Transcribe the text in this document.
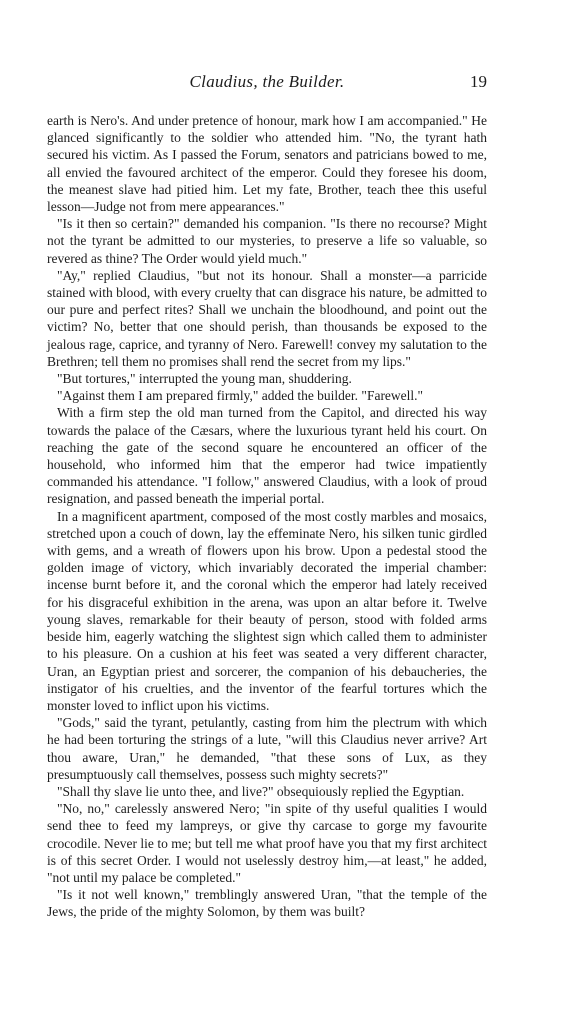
Claudius, the Builder.	19

earth is Nero's. And under pretence of honour, mark how I am accompanied." He glanced significantly to the soldier who attended him. "No, the tyrant hath secured his victim. As I passed the Forum, senators and patricians bowed to me, all envied the favoured architect of the emperor. Could they foresee his doom, the meanest slave had pitied him. Let my fate, Brother, teach thee this useful lesson—Judge not from mere appearances."

"Is it then so certain?" demanded his companion. "Is there no recourse? Might not the tyrant be admitted to our mysteries, to preserve a life so valuable, so revered as thine? The Order would yield much."

"Ay," replied Claudius, "but not its honour. Shall a monster—a parricide stained with blood, with every cruelty that can disgrace his nature, be admitted to our pure and perfect rites? Shall we unchain the bloodhound, and point out the victim? No, better that one should perish, than thousands be exposed to the jealous rage, caprice, and tyranny of Nero. Farewell! convey my salutation to the Brethren; tell them no promises shall rend the secret from my lips."

"But tortures," interrupted the young man, shuddering.

"Against them I am prepared firmly," added the builder. "Farewell."

With a firm step the old man turned from the Capitol, and directed his way towards the palace of the Cæsars, where the luxurious tyrant held his court. On reaching the gate of the second square he encountered an officer of the household, who informed him that the emperor had twice impatiently commanded his attendance. "I follow," answered Claudius, with a look of proud resignation, and passed beneath the imperial portal.

In a magnificent apartment, composed of the most costly marbles and mosaics, stretched upon a couch of down, lay the effeminate Nero, his silken tunic girdled with gems, and a wreath of flowers upon his brow. Upon a pedestal stood the golden image of victory, which invariably decorated the imperial chamber: incense burnt before it, and the coronal which the emperor had lately received for his disgraceful exhibition in the arena, was upon an altar before it. Twelve young slaves, remarkable for their beauty of person, stood with folded arms beside him, eagerly watching the slightest sign which called them to administer to his pleasure. On a cushion at his feet was seated a very different character, Uran, an Egyptian priest and sorcerer, the companion of his debaucheries, the instigator of his cruelties, and the inventor of the fearful tortures which the monster loved to inflict upon his victims.

"Gods," said the tyrant, petulantly, casting from him the plectrum with which he had been torturing the strings of a lute, "will this Claudius never arrive? Art thou aware, Uran," he demanded, "that these sons of Lux, as they presumptuously call themselves, possess such mighty secrets?"

"Shall thy slave lie unto thee, and live?" obsequiously replied the Egyptian.

"No, no," carelessly answered Nero; "in spite of thy useful qualities I would send thee to feed my lampreys, or give thy carcase to gorge my favourite crocodile. Never lie to me; but tell me what proof have you that my first architect is of this secret Order. I would not uselessly destroy him,—at least," he added, "not until my palace be completed."

"Is it not well known," tremblingly answered Uran, "that the temple of the Jews, the pride of the mighty Solomon, by them was built?
